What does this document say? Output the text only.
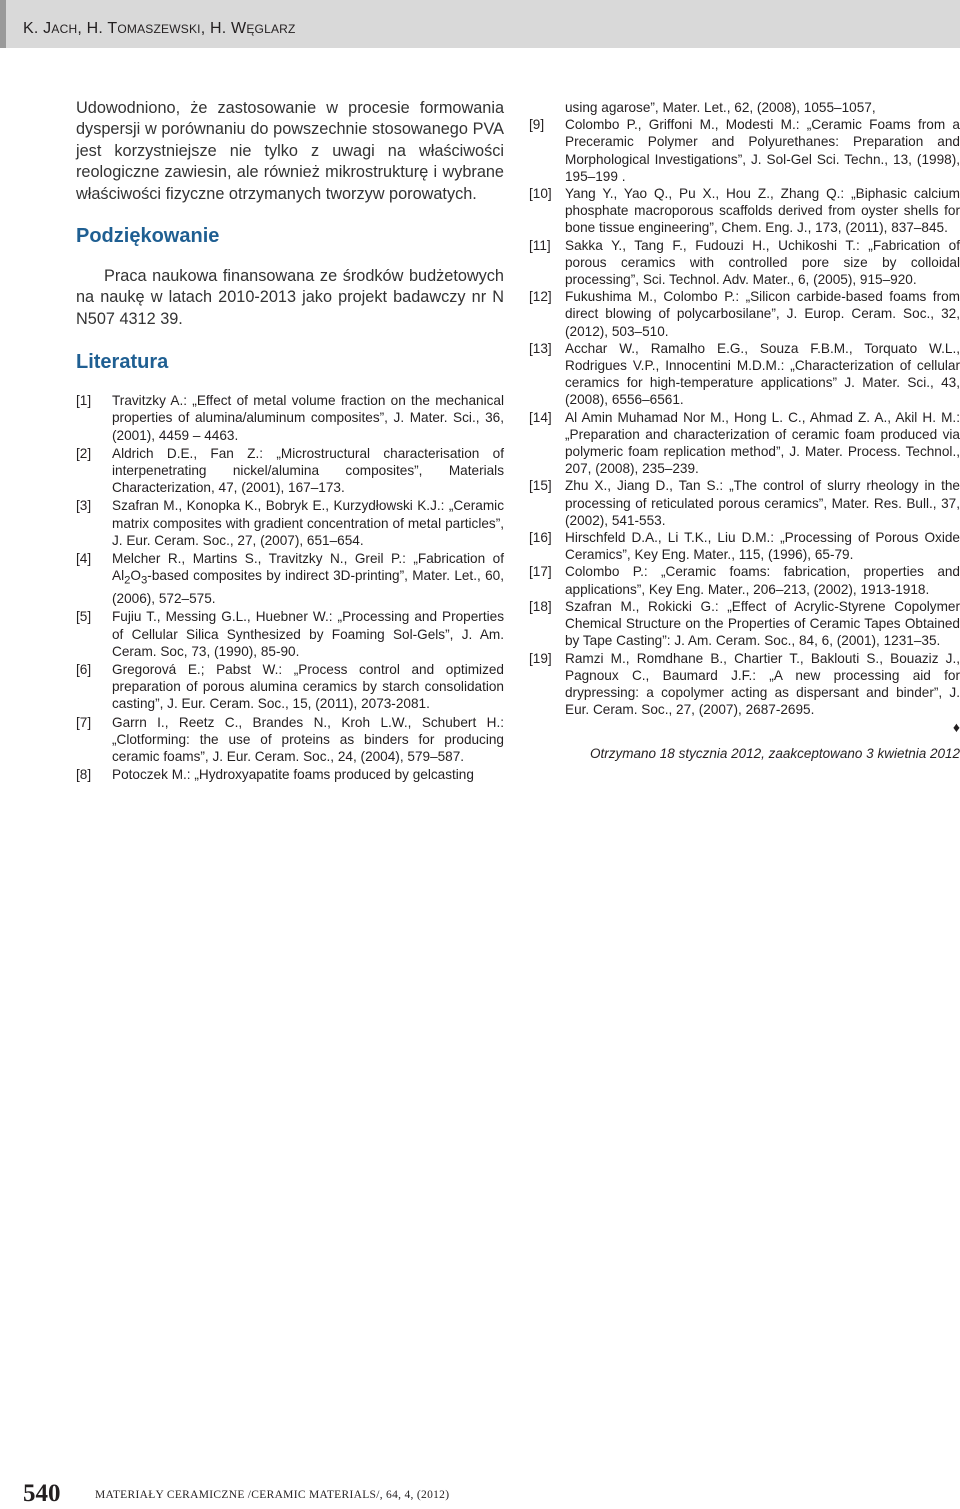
K. JACH, H. TOMASZEWSKI, H. WĘGLARZ

Udowodniono, że zastosowanie w procesie formowania dyspersji w porównaniu do powszechnie stosowanego PVA jest korzystniejsze nie tylko z uwagi na właściwości reologiczne zawiesin, ale również mikrostrukturę i wybrane właściwości fizyczne otrzymanych tworzyw porowatych.

Podziękowanie

Praca naukowa finansowana ze środków budżetowych na naukę w latach 2010-2013 jako projekt badawczy nr N N507 4312 39.

Literatura
[1]	Travitzky A.: „Effect of metal volume fraction on the mechanical properties of alumina/aluminum composites”, J. Mater. Sci., 36, (2001), 4459 – 4463.
[2]	Aldrich D.E., Fan Z.: „Microstructural characterisation of interpenetrating nickel/alumina composites”, Materials Characterization, 47, (2001), 167–173.
[3]	Szafran M., Konopka K., Bobryk E., Kurzydłowski K.J.: „Ceramic matrix composites with gradient concentration of metal particles”, J. Eur. Ceram. Soc., 27, (2007), 651–654.
[4]	Melcher R., Martins S., Travitzky N., Greil P.: „Fabrication of $Al_2O_3$-based composites by indirect 3D-printing”, Mater. Let., 60, (2006), 572–575.
[5]	Fujiu T., Messing G.L., Huebner W.: „Processing and Properties of Cellular Silica Synthesized by Foaming Sol-Gels”, J. Am. Ceram. Soc, 73, (1990), 85-90.
[6]	Gregorová E.; Pabst W.: „Process control and optimized preparation of porous alumina ceramics by starch consolidation casting”, J. Eur. Ceram. Soc., 15, (2011), 2073-2081.
[7]	Garrn I., Reetz C., Brandes N., Kroh L.W., Schubert H.: „Clotforming: the use of proteins as binders for producing ceramic foams”, J. Eur. Ceram. Soc., 24, (2004), 579–587.
[8]	Potoczek M.: „Hydroxyapatite foams produced by gelcasting
using agarose”, Mater. Let., 62, (2008), 1055–1057,
[9]	Colombo P., Griffoni M., Modesti M.: „Ceramic Foams from a Preceramic Polymer and Polyurethanes: Preparation and Morphological Investigations”, J. Sol-Gel Sci. Techn., 13, (1998), 195–199 .
[10] Yang Y., Yao Q., Pu X., Hou Z., Zhang Q.: „Biphasic calcium phosphate macroporous scaffolds derived from oyster shells for bone tissue engineering”, Chem. Eng. J., 173, (2011), 837–845.
[11]	Sakka Y., Tang F., Fudouzi H., Uchikoshi T.: „Fabrication of porous ceramics with controlled pore size by colloidal processing”, Sci. Technol. Adv. Mater., 6, (2005), 915–920.
[12] Fukushima M., Colombo P.: „Silicon carbide-based foams from direct blowing of polycarbosilane”, J. Europ. Ceram. Soc., 32, (2012), 503–510.
[13] Acchar W., Ramalho E.G., Souza F.B.M., Torquato W.L., Rodrigues V.P., Innocentini M.D.M.: „Characterization of cellular ceramics for high-temperature applications” J. Mater. Sci., 43, (2008), 6556–6561.
[14] Al Amin Muhamad Nor M., Hong L. C., Ahmad Z. A., Akil H. M.: „Preparation and characterization of ceramic foam produced via polymeric foam replication method”, J. Mater. Process. Technol., 207, (2008), 235–239.
[15] Zhu X., Jiang D., Tan S.: „The control of slurry rheology in the processing of reticulated porous ceramics”, Mater. Res. Bull., 37, (2002), 541-553.
[16] Hirschfeld D.A., Li T.K., Liu D.M.: „Processing of Porous Oxide Ceramics”, Key Eng. Mater., 115, (1996), 65-79.
[17] Colombo P.: „Ceramic foams: fabrication, properties and applications”, Key Eng. Mater., 206–213, (2002), 1913-1918.
[18] Szafran M., Rokicki G.: „Effect of Acrylic-Styrene Copolymer Chemical Structure on the Properties of Ceramic Tapes Obtained by Tape Casting”: J. Am. Ceram. Soc., 84, 6, (2001), 1231–35.
[19] Ramzi M., Romdhane B., Chartier T., Baklouti S., Bouaziz J., Pagnoux C., Baumard J.F.: „A new processing aid for drypressing: a copolymer acting as dispersant and binder”, J. Eur. Ceram. Soc., 27, (2007), 2687-2695.
♦
Otrzymano 18 stycznia 2012, zaakceptowano 3 kwietnia 2012
540	MATERIAŁY CERAMICZNE /CERAMIC MATERIALS/, 64, 4, (2012)
